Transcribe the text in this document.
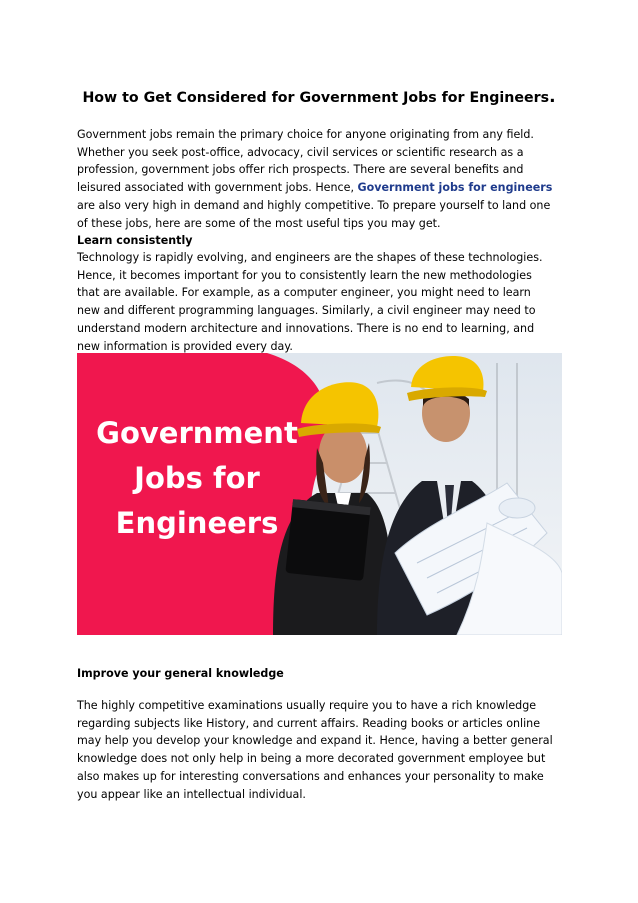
How to Get Considered for Government Jobs for Engineers.
Government jobs remain the primary choice for anyone originating from any field.
Whether you seek post-office, advocacy, civil services or scientific research as a
profession, government jobs offer rich prospects. There are several benefits and
leisured associated with government jobs. Hence, Government jobs for engineers
are also very high in demand and highly competitive. To prepare yourself to land one
of these jobs, here are some of the most useful tips you may get.
Learn consistently
Technology is rapidly evolving, and engineers are the shapes of these technologies.
Hence, it becomes important for you to consistently learn the new methodologies
that are available. For example, as a computer engineer, you might need to learn
new and different programming languages. Similarly, a civil engineer may need to
understand modern architecture and innovations. There is no end to learning, and
new information is provided every day.
Government
Jobs for
Engineers
Improve your general knowledge
The highly competitive examinations usually require you to have a rich knowledge
regarding subjects like History, and current affairs. Reading books or articles online
may help you develop your knowledge and expand it. Hence, having a better general
knowledge does not only help in being a more decorated government employee but
also makes up for interesting conversations and enhances your personality to make
you appear like an intellectual individual.
